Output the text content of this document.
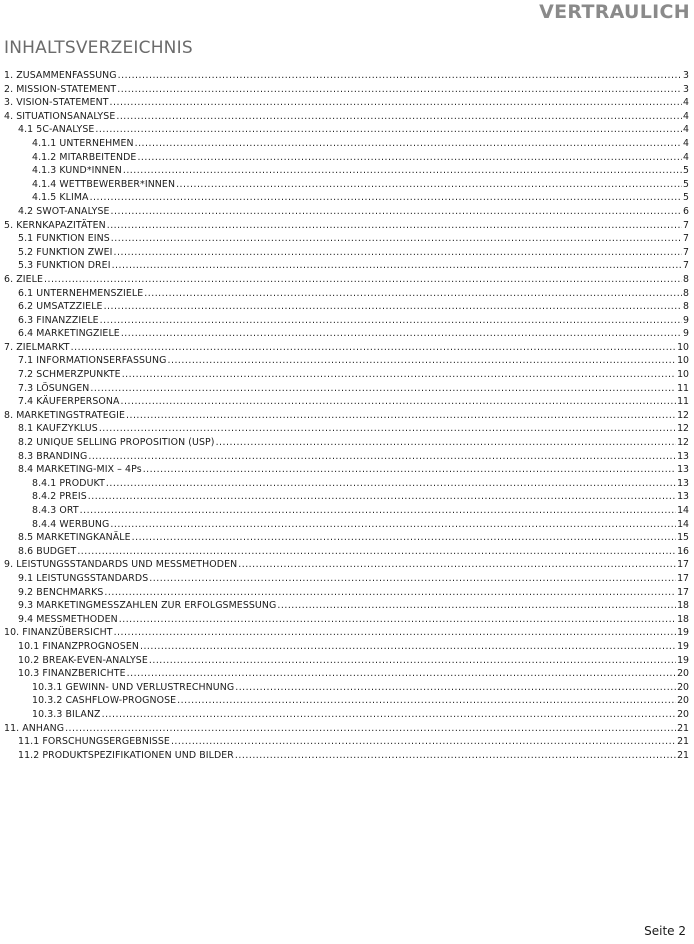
VERTRAULICH
INHALTSVERZEICHNIS
1. ZUSAMMENFASSUNG .....	3
2. MISSION-STATEMENT .....	3
3. VISION-STATEMENT .....	4
4. SITUATIONSANALYSE .....	4
4.1 5C-ANALYSE .....	4
4.1.1 UNTERNEHMEN .....	4
4.1.2 MITARBEITENDE .....	4
4.1.3 KUND*INNEN .....	5
4.1.4 WETTBEWERBER*INNEN .....	5
4.1.5 KLIMA .....	5
4.2 SWOT-ANALYSE .....	6
5. KERNKAPAZITÄTEN .....	7
5.1 FUNKTION EINS .....	7
5.2 FUNKTION ZWEI .....	7
5.3 FUNKTION DREI .....	7
6. ZIELE .....	8
6.1 UNTERNEHMENSZIELE .....	8
6.2 UMSATZZIELE .....	8
6.3 FINANZZIELE .....	9
6.4 MARKETINGZIELE .....	9
7. ZIELMARKT .....	10
7.1 INFORMATIONSERFASSUNG .....	10
7.2 SCHMERZPUNKTE .....	10
7.3 LÖSUNGEN .....	11
7.4 KÄUFERPERSONA .....	11
8. MARKETINGSTRATEGIE .....	12
8.1 KAUFZYKLUS .....	12
8.2 UNIQUE SELLING PROPOSITION (USP) .....	12
8.3 BRANDING .....	13
8.4 MARKETING-MIX – 4Ps .....	13
8.4.1 PRODUKT .....	13
8.4.2 PREIS .....	13
8.4.3 ORT .....	14
8.4.4 WERBUNG .....	14
8.5 MARKETINGKANÄLE .....	15
8.6 BUDGET .....	16
9. LEISTUNGSSTANDARDS UND MESSMETHODEN .....	17
9.1 LEISTUNGSSTANDARDS .....	17
9.2 BENCHMARKS .....	17
9.3 MARKETINGMESSZAHLEN ZUR ERFOLGSMESSUNG .....	18
9.4 MESSMETHODEN .....	18
10. FINANZÜBERSICHT .....	19
10.1 FINANZPROGNOSEN .....	19
10.2 BREAK-EVEN-ANALYSE .....	19
10.3 FINANZBERICHTE .....	20
10.3.1 GEWINN- UND VERLUSTRECHNUNG .....	20
10.3.2 CASHFLOW-PROGNOSE .....	20
10.3.3 BILANZ .....	20
11. ANHANG .....	21
11.1 FORSCHUNGSERGEBNISSE .....	21
11.2 PRODUKTSPEZIFIKATIONEN UND BILDER .....	21
Seite 2
